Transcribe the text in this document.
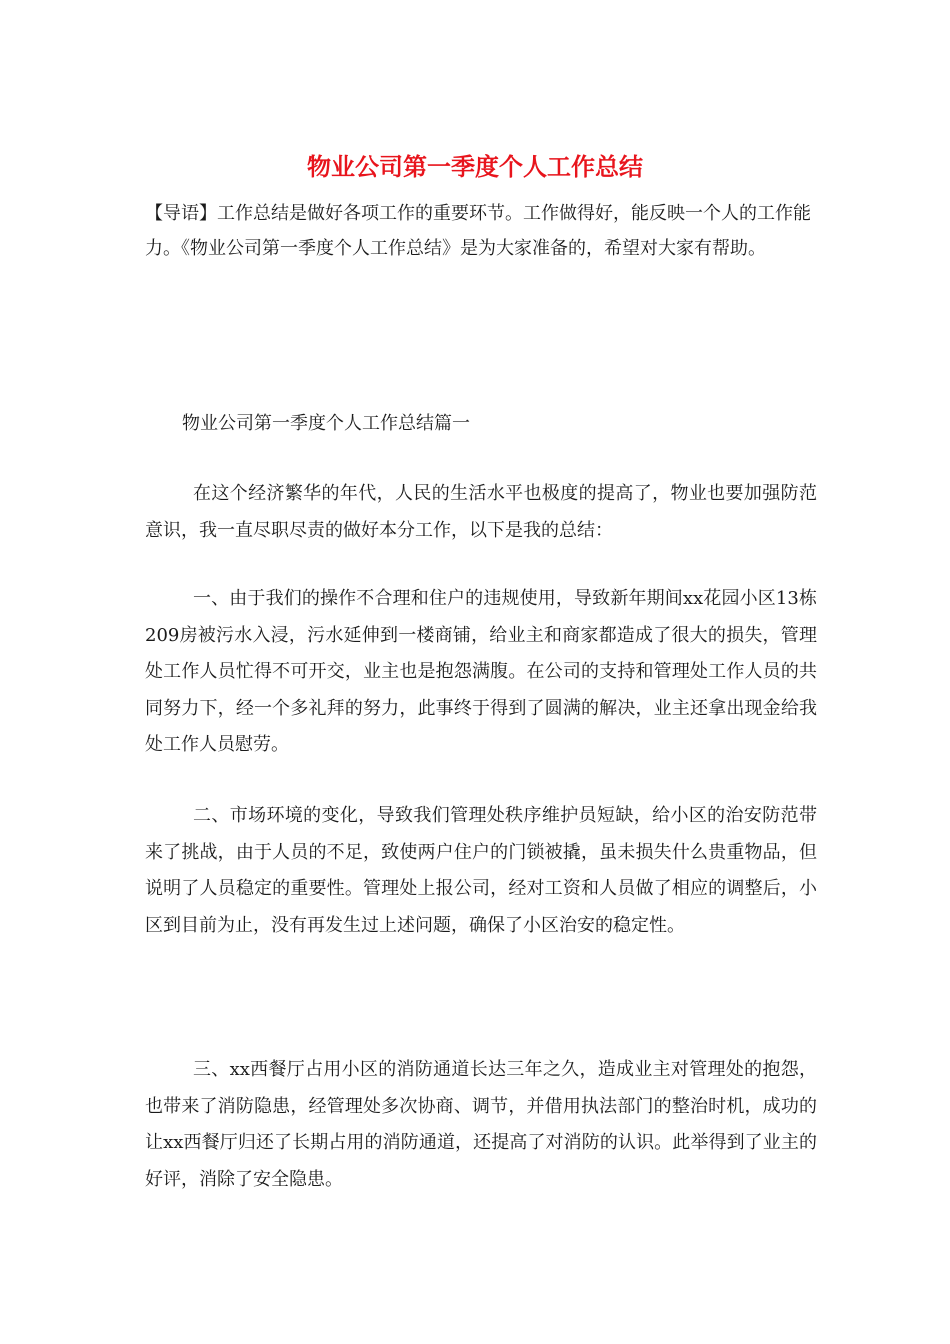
物业公司第一季度个人工作总结

【导语】工作总结是做好各项工作的重要环节。工作做得好，能反映一个人的工作能力。《物业公司第一季度个人工作总结》是为大家准备的，希望对大家有帮助。

物业公司第一季度个人工作总结篇一

在这个经济繁华的年代，人民的生活水平也极度的提高了，物业也要加强防范意识，我一直尽职尽责的做好本分工作，以下是我的总结：

一、由于我们的操作不合理和住户的违规使用，导致新年期间xx花园小区13栋209房被污水入浸，污水延伸到一楼商铺，给业主和商家都造成了很大的损失，管理处工作人员忙得不可开交，业主也是抱怨满腹。在公司的支持和管理处工作人员的共同努力下，经一个多礼拜的努力，此事终于得到了圆满的解决，业主还拿出现金给我处工作人员慰劳。

二、市场环境的变化，导致我们管理处秩序维护员短缺，给小区的治安防范带来了挑战，由于人员的不足，致使两户住户的门锁被撬，虽未损失什么贵重物品，但说明了人员稳定的重要性。管理处上报公司，经对工资和人员做了相应的调整后，小区到目前为止，没有再发生过上述问题，确保了小区治安的稳定性。

三、xx西餐厅占用小区的消防通道长达三年之久，造成业主对管理处的抱怨，也带来了消防隐患，经管理处多次协商、调节，并借用执法部门的整治时机，成功的让xx西餐厅归还了长期占用的消防通道，还提高了对消防的认识。此举得到了业主的好评，消除了安全隐患。
